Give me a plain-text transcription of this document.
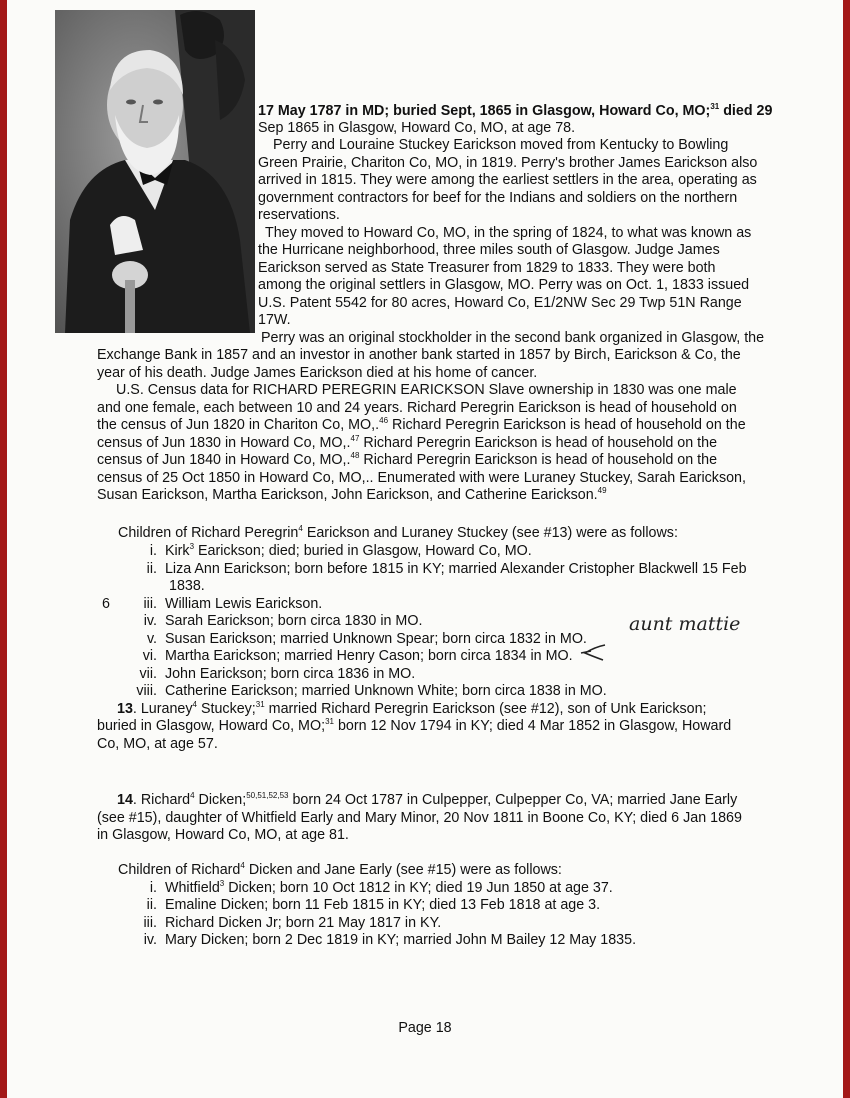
17 May 1787 in MD; buried Sept, 1865 in Glasgow, Howard Co, MO;$^{31}$ died 29
Sep 1865 in Glasgow, Howard Co, MO, at age 78.
Perry and Louraine Stuckey Earickson moved from Kentucky to Bowling
Green Prairie, Chariton Co, MO, in 1819. Perry's brother James Earickson also
arrived in 1815. They were among the earliest settlers in the area, operating as
government contractors for beef for the Indians and soldiers on the northern
reservations.
They moved to Howard Co, MO, in the spring of 1824, to what was known as
the Hurricane neighborhood, three miles south of Glasgow. Judge James
Earickson served as State Treasurer from 1829 to 1833. They were both
among the original settlers in Glasgow, MO. Perry was on Oct. 1, 1833 issued
U.S. Patent 5542 for 80 acres, Howard Co, E1/2NW Sec 29 Twp 51N Range
17W.
Perry was an original stockholder in the second bank organized in Glasgow, the
Exchange Bank in 1857 and an investor in another bank started in 1857 by Birch, Earickson & Co, the
year of his death. Judge James Earickson died at his home of cancer.
U.S. Census data for RICHARD PEREGRIN EARICKSON Slave ownership in 1830 was one male
and one female, each between 10 and 24 years. Richard Peregrin Earickson is head of household on
the census of Jun 1820 in Chariton Co, MO,.$^{46}$ Richard Peregrin Earickson is head of household on the
census of Jun 1830 in Howard Co, MO,.$^{47}$ Richard Peregrin Earickson is head of household on the
census of Jun 1840 in Howard Co, MO,.$^{48}$ Richard Peregrin Earickson is head of household on the
census of 25 Oct 1850 in Howard Co, MO,.. Enumerated with were Luraney Stuckey, Sarah Earickson,
Susan Earickson, Martha Earickson, John Earickson, and Catherine Earickson.$^{49}$
Children of Richard Peregrin$^4$ Earickson and Luraney Stuckey (see #13) were as follows:
i. Kirk$^3$ Earickson; died; buried in Glasgow, Howard Co, MO.
ii. Liza Ann Earickson; born before 1815 in KY; married Alexander Cristopher Blackwell 15 Feb
1838.
6	iii. William Lewis Earickson.
iv. Sarah Earickson; born circa 1830 in MO.
v. Susan Earickson; married Unknown Spear; born circa 1832 in MO.
vi. Martha Earickson; married Henry Cason; born circa 1834 in MO.
vii. John Earickson; born circa 1836 in MO.
viii. Catherine Earickson; married Unknown White; born circa 1838 in MO.
aunt mattie
13. Luraney$^4$ Stuckey;$^{31}$ married Richard Peregrin Earickson (see #12), son of Unk Earickson;
buried in Glasgow, Howard Co, MO;$^{31}$ born 12 Nov 1794 in KY; died 4 Mar 1852 in Glasgow, Howard
Co, MO, at age 57.
14. Richard$^4$ Dicken;$^{50,51,52,53}$ born 24 Oct 1787 in Culpepper, Culpepper Co, VA; married Jane Early
(see #15), daughter of Whitfield Early and Mary Minor, 20 Nov 1811 in Boone Co, KY; died 6 Jan 1869
in Glasgow, Howard Co, MO, at age 81.
Children of Richard$^4$ Dicken and Jane Early (see #15) were as follows:
i. Whitfield$^3$ Dicken; born 10 Oct 1812 in KY; died 19 Jun 1850 at age 37.
ii. Emaline Dicken; born 11 Feb 1815 in KY; died 13 Feb 1818 at age 3.
iii. Richard Dicken Jr; born 21 May 1817 in KY.
iv. Mary Dicken; born 2 Dec 1819 in KY; married John M Bailey 12 May 1835.
Page 18
